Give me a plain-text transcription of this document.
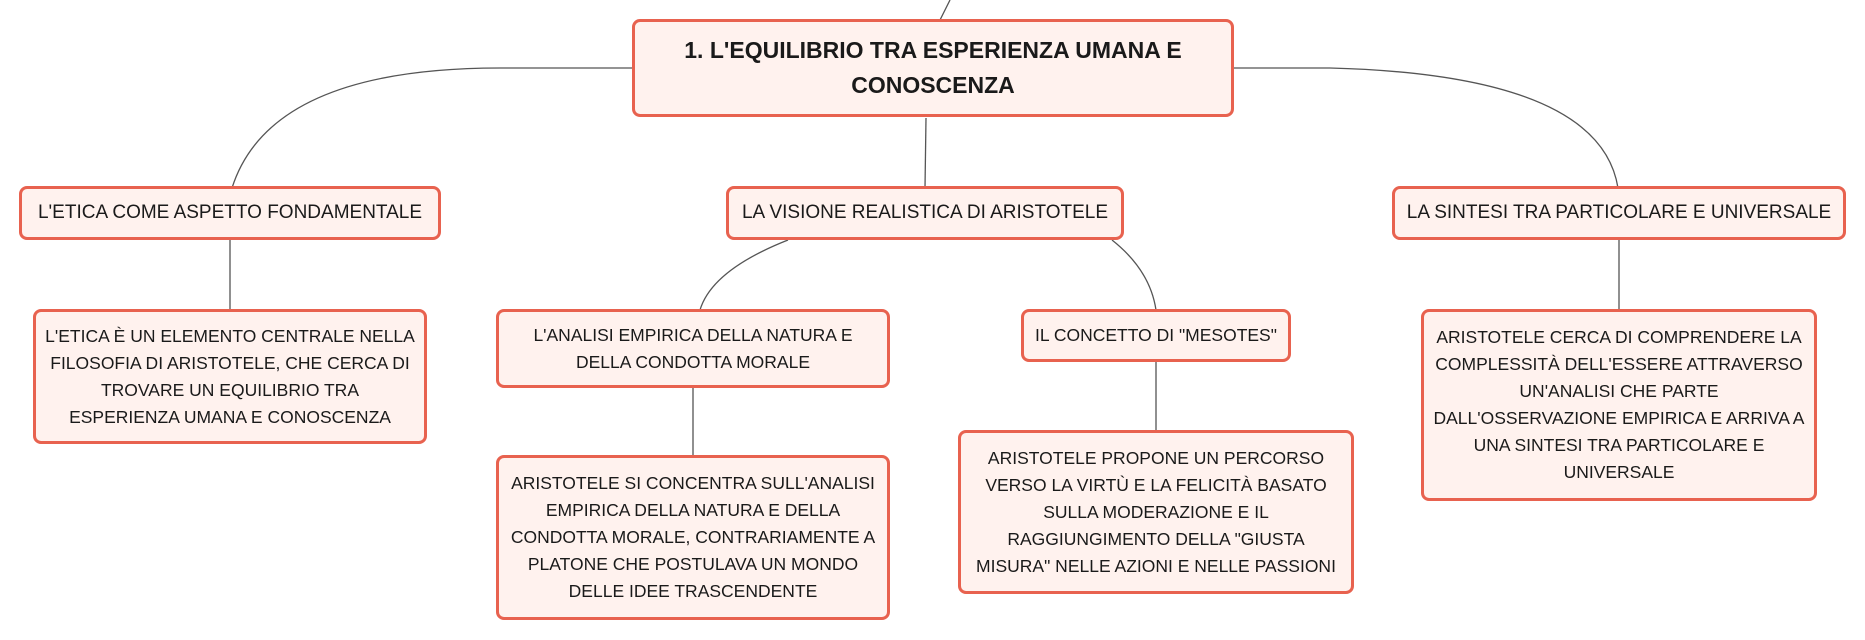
1. L'EQUILIBRIO TRA ESPERIENZA UMANA E CONOSCENZA
L'ETICA COME ASPETTO FONDAMENTALE	LA VISIONE REALISTICA DI ARISTOTELE	LA SINTESI TRA PARTICOLARE E UNIVERSALE
L'ETICA È UN ELEMENTO CENTRALE NELLA FILOSOFIA DI ARISTOTELE, CHE CERCA DI TROVARE UN EQUILIBRIO TRA ESPERIENZA UMANA E CONOSCENZA
L'ANALISI EMPIRICA DELLA NATURA E DELLA CONDOTTA MORALE
IL CONCETTO DI "MESOTES"
ARISTOTELE SI CONCENTRA SULL'ANALISI EMPIRICA DELLA NATURA E DELLA CONDOTTA MORALE, CONTRARIAMENTE A PLATONE CHE POSTULAVA UN MONDO DELLE IDEE TRASCENDENTE
ARISTOTELE PROPONE UN PERCORSO VERSO LA VIRTÙ E LA FELICITÀ BASATO SULLA MODERAZIONE E IL RAGGIUNGIMENTO DELLA "GIUSTA MISURA" NELLE AZIONI E NELLE PASSIONI
ARISTOTELE CERCA DI COMPRENDERE LA COMPLESSITÀ DELL'ESSERE ATTRAVERSO UN'ANALISI CHE PARTE DALL'OSSERVAZIONE EMPIRICA E ARRIVA A UNA SINTESI TRA PARTICOLARE E UNIVERSALE
